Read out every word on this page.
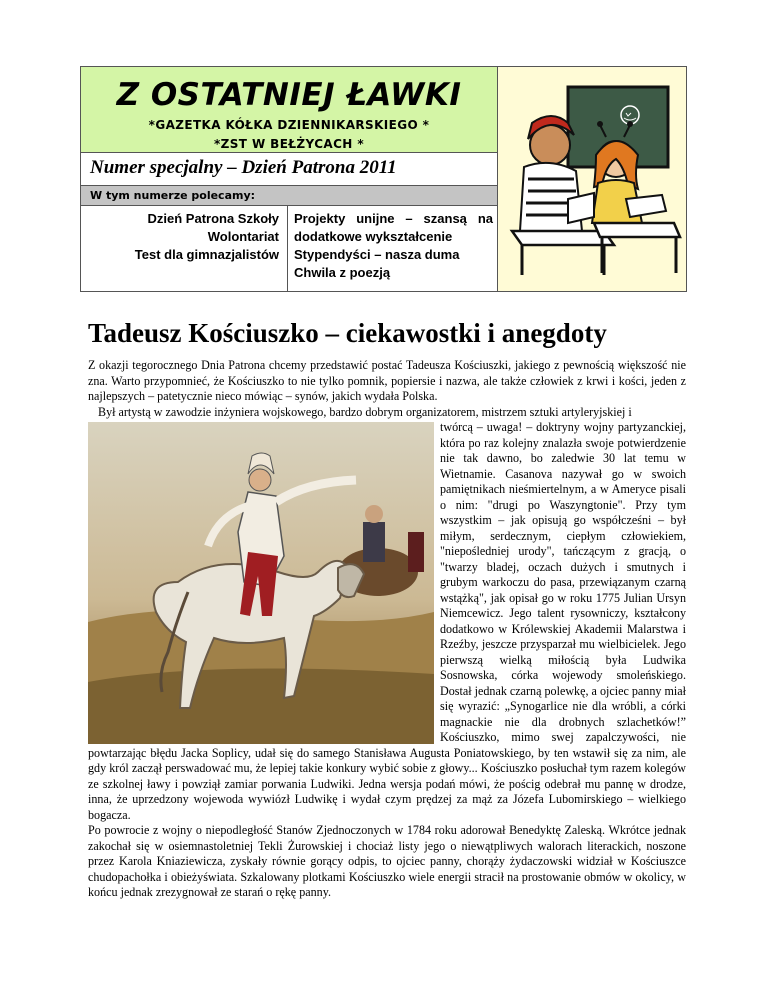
Z OSTATNIEJ ŁAWKI
*GAZETKA KÓŁKA DZIENNIKARSKIEGO *
*ZST W BEŁŻYCACH *
Numer specjalny – Dzień Patrona 2011
W tym numerze polecamy:
Dzień Patrona Szkoły
Wolontariat
Test dla gimnazjalistów
Projekty unijne – szansą na
dodatkowe wykształcenie
Stypendyści – nasza duma
Chwila z poezją
Tadeusz Kościuszko – ciekawostki i anegdoty

Z okazji tegorocznego Dnia Patrona chcemy przedstawić postać Tadeusza Kościuszki, jakiego z pewnością większość nie zna. Warto przypomnieć, że Kościuszko to nie tylko pomnik, popiersie i nazwa, ale także człowiek z krwi i kości, jeden z najlepszych – patetycznie nieco mówiąc – synów, jakich wydała Polska.

Był artystą w zawodzie inżyniera wojskowego, bardzo dobrym organizatorem, mistrzem sztuki artyleryjskiej i

twórcą – uwaga! – doktryny wojny partyzanckiej, która po raz kolejny znalazła swoje potwierdzenie nie tak dawno, bo zaledwie 30 lat temu w Wietnamie. Casanova nazywał go w swoich pamiętnikach nieśmiertelnym, a w Ameryce pisali o nim: "drugi po Waszyngtonie". Przy tym wszystkim – jak opisują go współcześni – był miłym, serdecznym, ciepłym człowiekiem, "niepośledniej urody", tańczącym z gracją, o "twarzy bladej, oczach dużych i smutnych i grubym warkoczu do pasa, przewiązanym czarną wstążką", jak opisał go w roku 1775 Julian Ursyn Niemcewicz. Jego talent rysowniczy, kształcony dodatkowo w Królewskiej Akademii Malarstwa i Rzeźby, jeszcze przysparzał mu wielbicielek. Jego pierwszą wielką miłością była Ludwika Sosnowska, córka wojewody smoleńskiego. Dostał jednak czarną polewkę, a ojciec panny miał się wyrazić: „Synogarlice nie dla wróbli, a córki magnackie nie dla drobnych szlachetków!” Kościuszko, mimo swej zapalczywości, nie powtarzając błędu Jacka Soplicy, udał się do samego Stanisława Augusta Poniatowskiego, by ten wstawił się za nim, ale gdy król zaczął perswadować mu, że lepiej takie konkury wybić sobie z głowy... Kościuszko posłuchał tym razem kolegów ze szkolnej ławy i powziął zamiar porwania Ludwiki. Jedna wersja podań mówi, że pościg odebrał mu pannę w drodze, inna, że uprzedzony wojewoda wywiózł Ludwikę i wydał czym prędzej za mąż za Józefa Lubomirskiego – wielkiego bogacza.

Po powrocie z wojny o niepodległość Stanów Zjednoczonych w 1784 roku adorował Benedyktę Zaleską. Wkrótce jednak zakochał się w osiemnastoletniej Tekli Żurowskiej i chociaż listy jego o niewątpliwych walorach literackich, noszone przez Karola Kniaziewicza, zyskały równie gorący odpis, to ojciec panny, chorąży żydaczowski widział w Kościuszce chudopachołka i obieżyświata. Szkalowany plotkami Kościuszko wiele energii stracił na prostowanie obmów w okolicy, w końcu jednak zrezygnował ze starań o rękę panny.
